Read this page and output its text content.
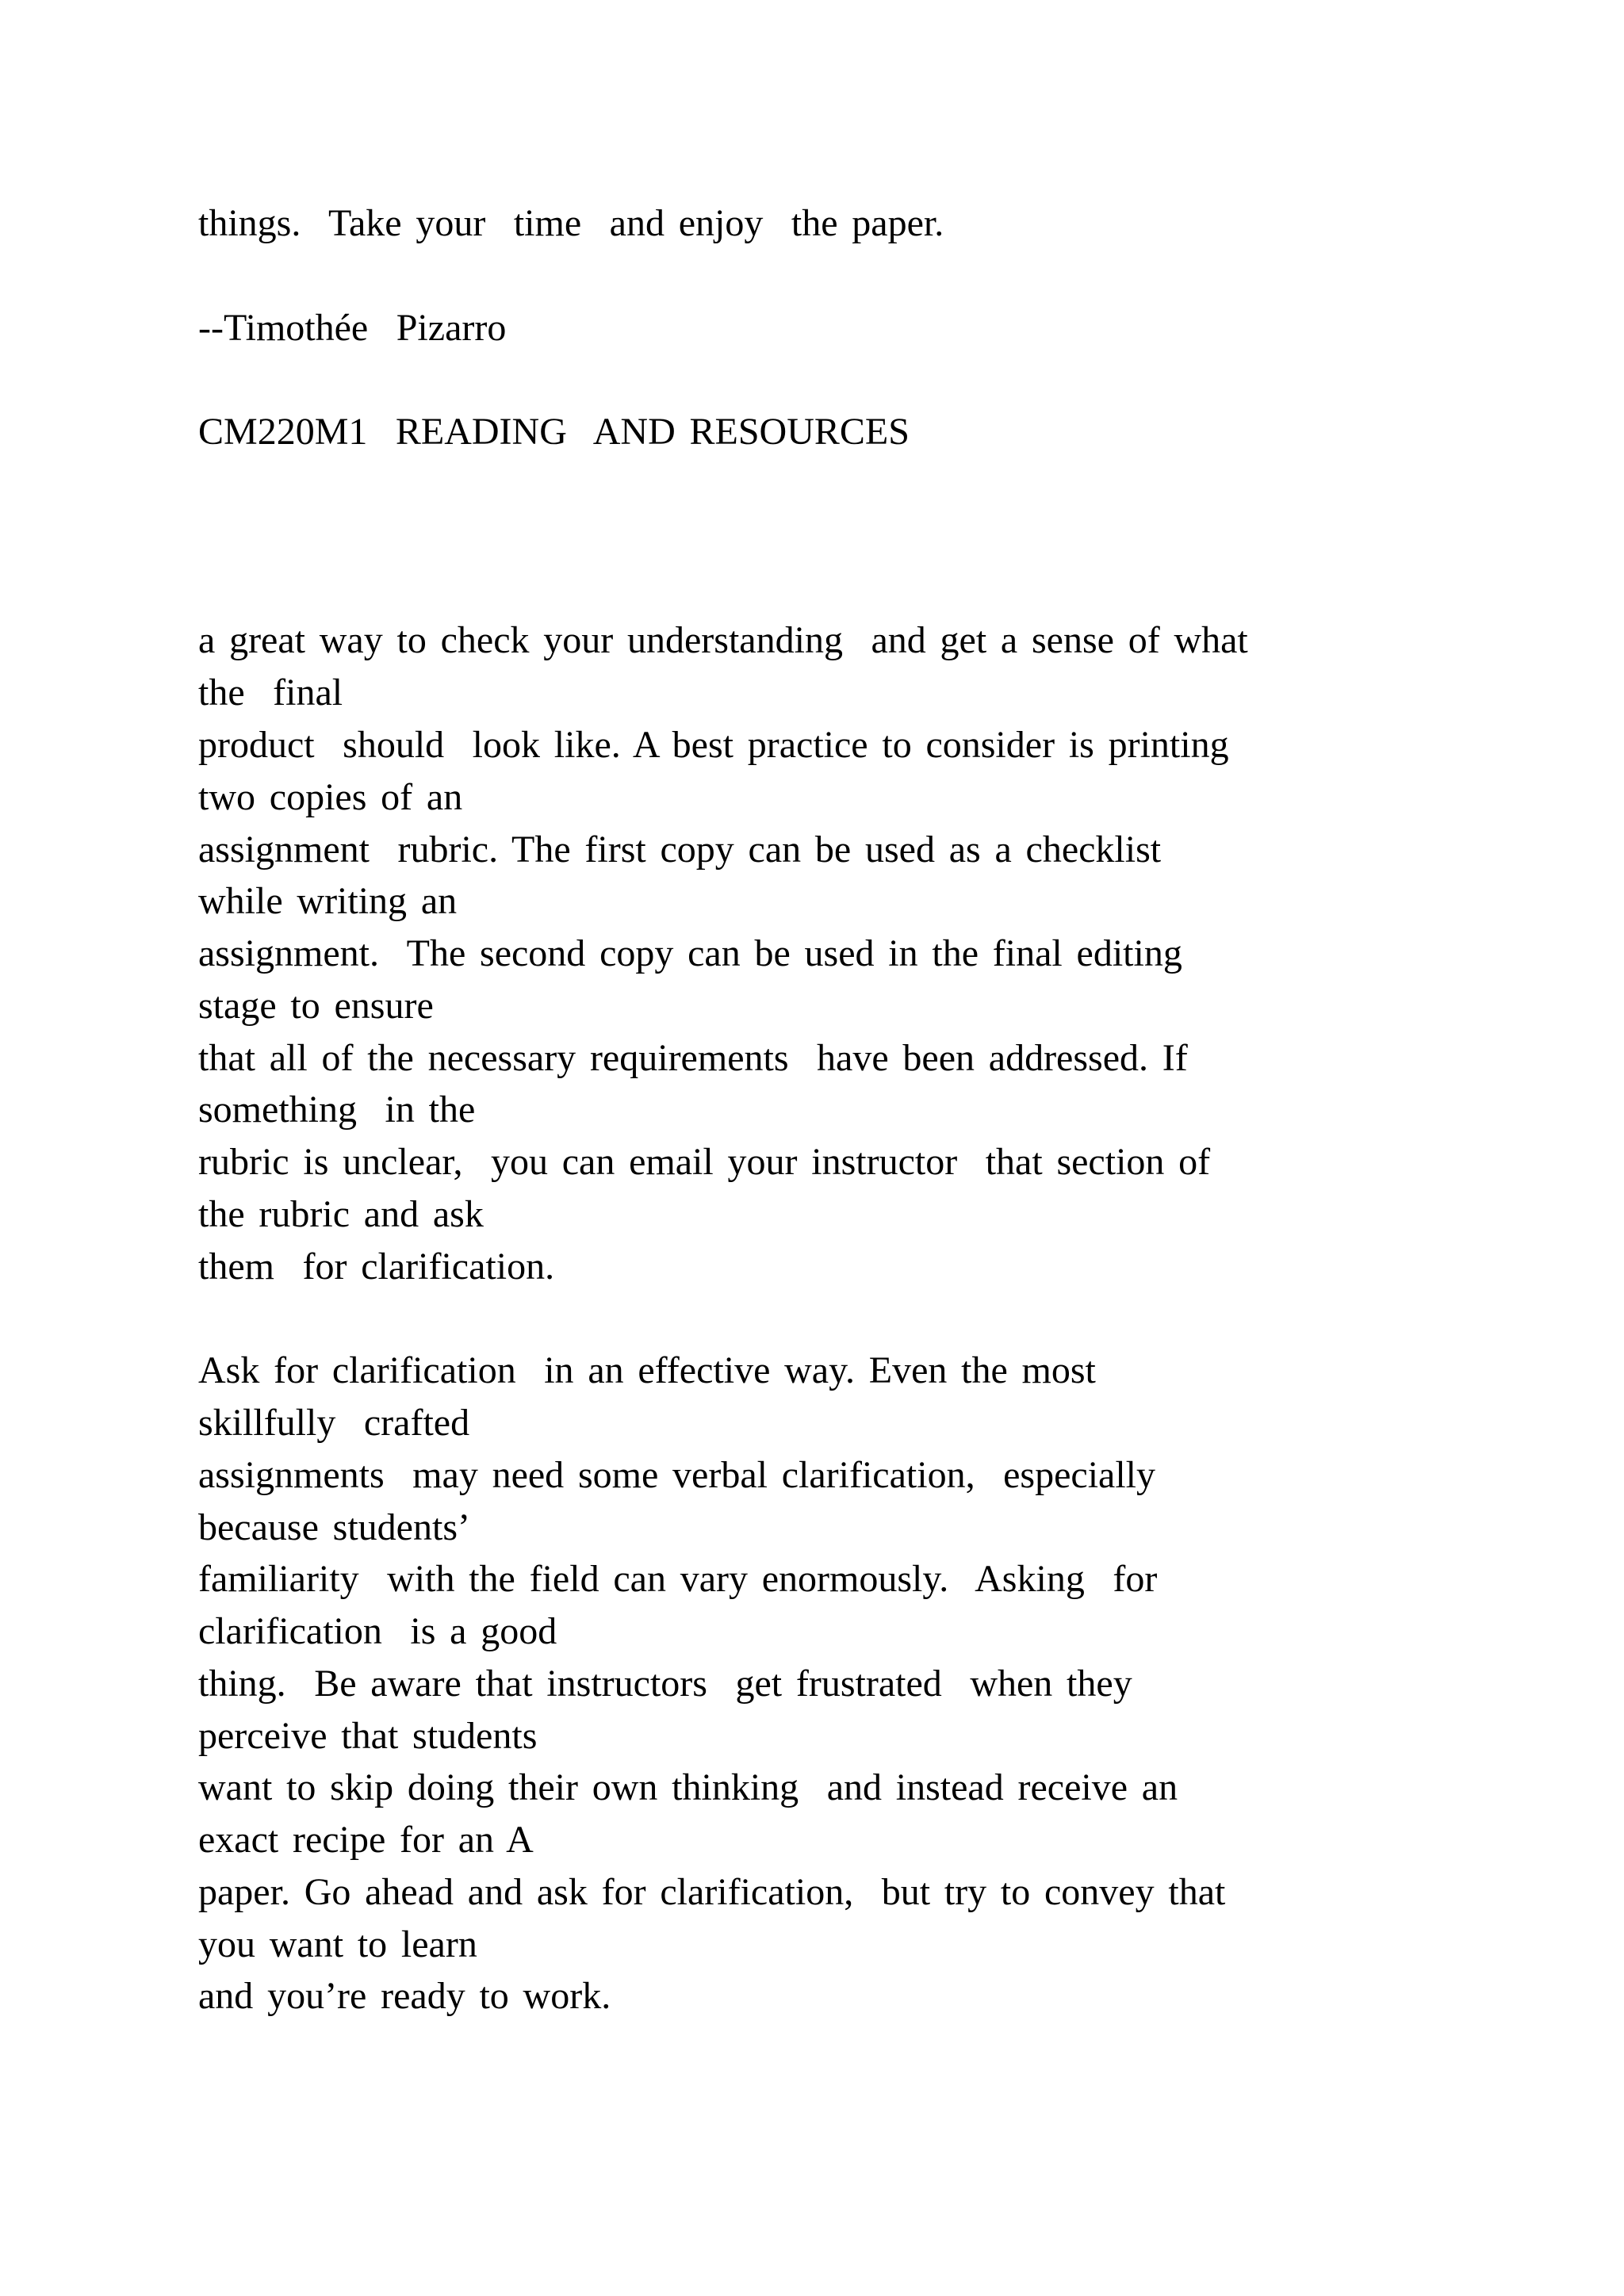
things.  Take your  time  and enjoy  the paper.
--Timothée  Pizarro
CM220M1  READING  AND RESOURCES
a great way to check your understanding  and get a sense of what
the  final
product  should  look like. A best practice to consider is printing
two copies of an
assignment  rubric. The first copy can be used as a checklist
while writing an
assignment.  The second copy can be used in the final editing
stage to ensure
that all of the necessary requirements  have been addressed. If
something  in the
rubric is unclear,  you can email your instructor  that section of
the rubric and ask
them  for clarification.
Ask for clarification  in an effective way. Even the most
skillfully  crafted
assignments  may need some verbal clarification,  especially
because students’
familiarity  with the field can vary enormously.  Asking  for
clarification  is a good
thing.  Be aware that instructors  get frustrated  when they
perceive that students
want to skip doing their own thinking  and instead receive an
exact recipe for an A
paper. Go ahead and ask for clarification,  but try to convey that
you want to learn
and you’re ready to work.
